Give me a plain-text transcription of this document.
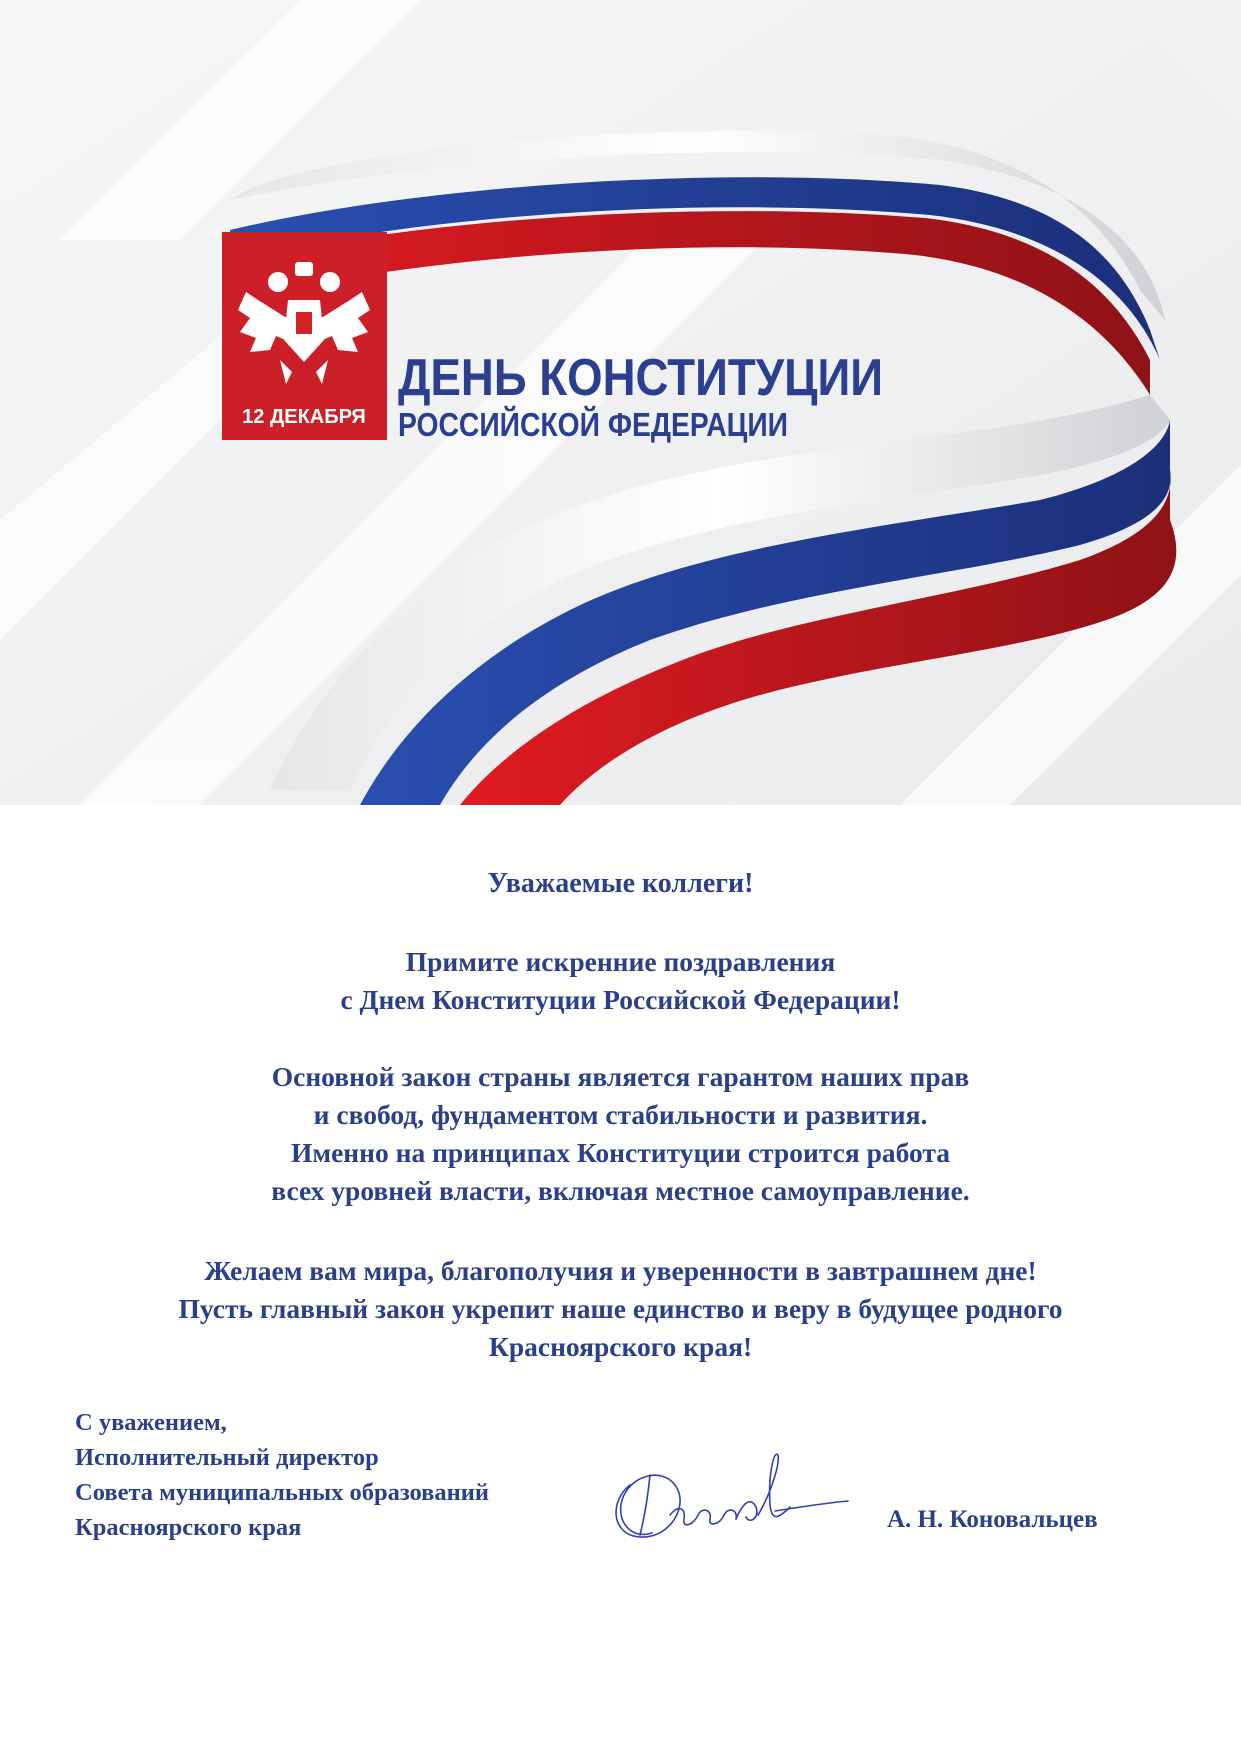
12 ДЕКАБРЯ
ДЕНЬ КОНСТИТУЦИИ
РОССИЙСКОЙ ФЕДЕРАЦИИ
Уважаемые коллеги!
Примите искренние поздравления
с Днем Конституции Российской Федерации!
Основной закон страны является гарантом наших прав
и свобод, фундаментом стабильности и развития.
Именно на принципах Конституции строится работа
всех уровней власти, включая местное самоуправление.
Желаем вам мира, благополучия и уверенности в завтрашнем дне!
Пусть главный закон укрепит наше единство и веру в будущее родного
Красноярского края!
С уважением,
Исполнительный директор
Совета муниципальных образований
Красноярского края	А. Н. Коновальцев
